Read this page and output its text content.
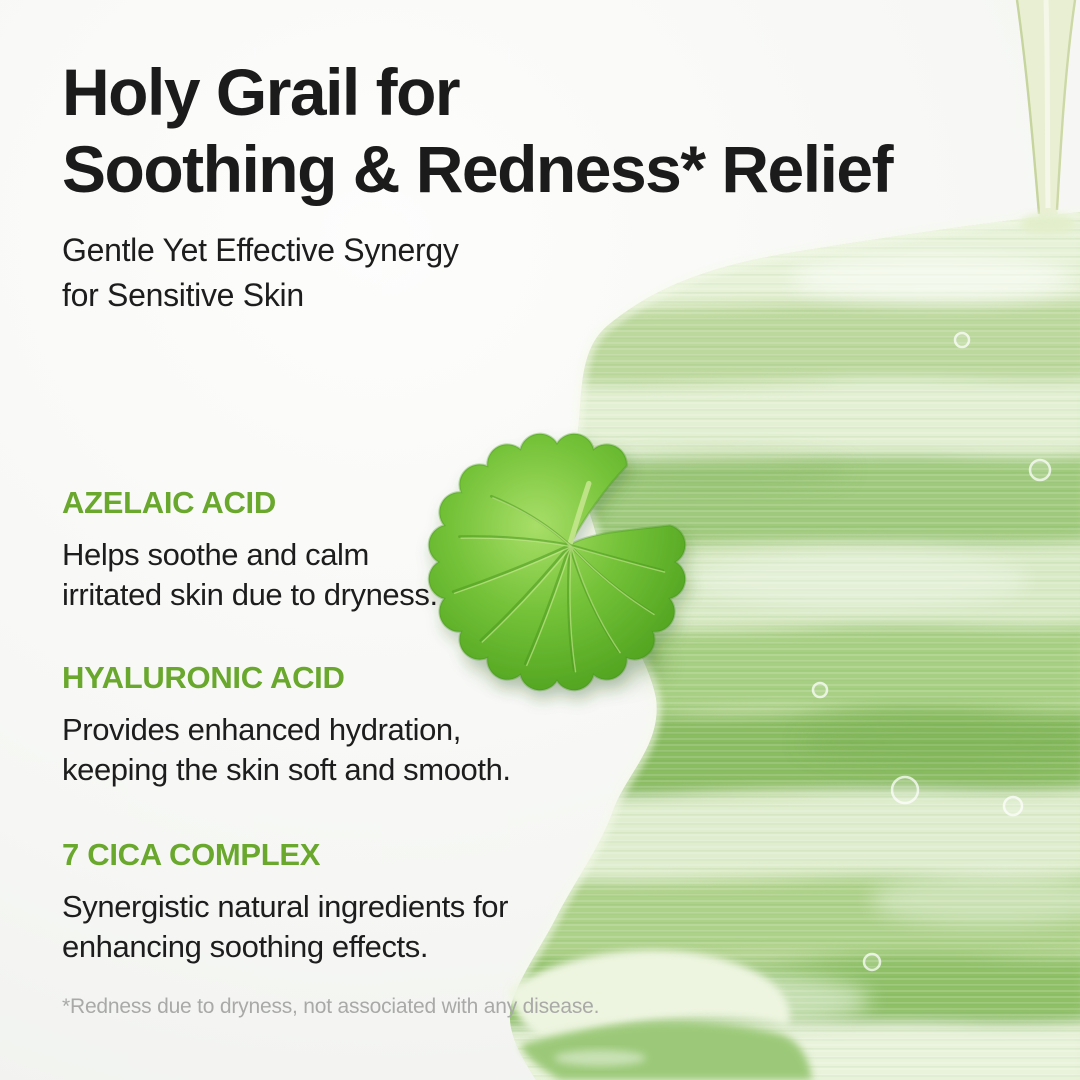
Holy Grail for
Soothing & Redness* Relief
Gentle Yet Effective Synergy
for Sensitive Skin
AZELAIC ACID
Helps soothe and calm
irritated skin due to dryness.
HYALURONIC ACID
Provides enhanced hydration,
keeping the skin soft and smooth.
7 CICA COMPLEX
Synergistic natural ingredients for
enhancing soothing effects.
*Redness due to dryness, not associated with any disease.
